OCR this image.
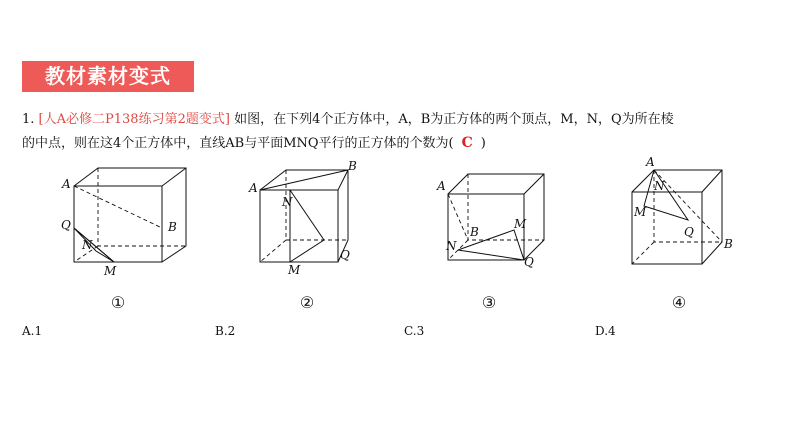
教材素材变式
1. [人A必修二P138练习第2题变式] 如图，在下列4个正方体中，A，B为正方体的两个顶点，M，N，Q为所在棱
的中点，则在这4个正方体中，直线AB与平面MNQ平行的正方体的个数为( C )
A
B
Q
N
M
A
B
N
M
Q
A
B
M
N
Q
A
N
M
Q
B
①	②	③	④
A.1	B.2	C.3	D.4
